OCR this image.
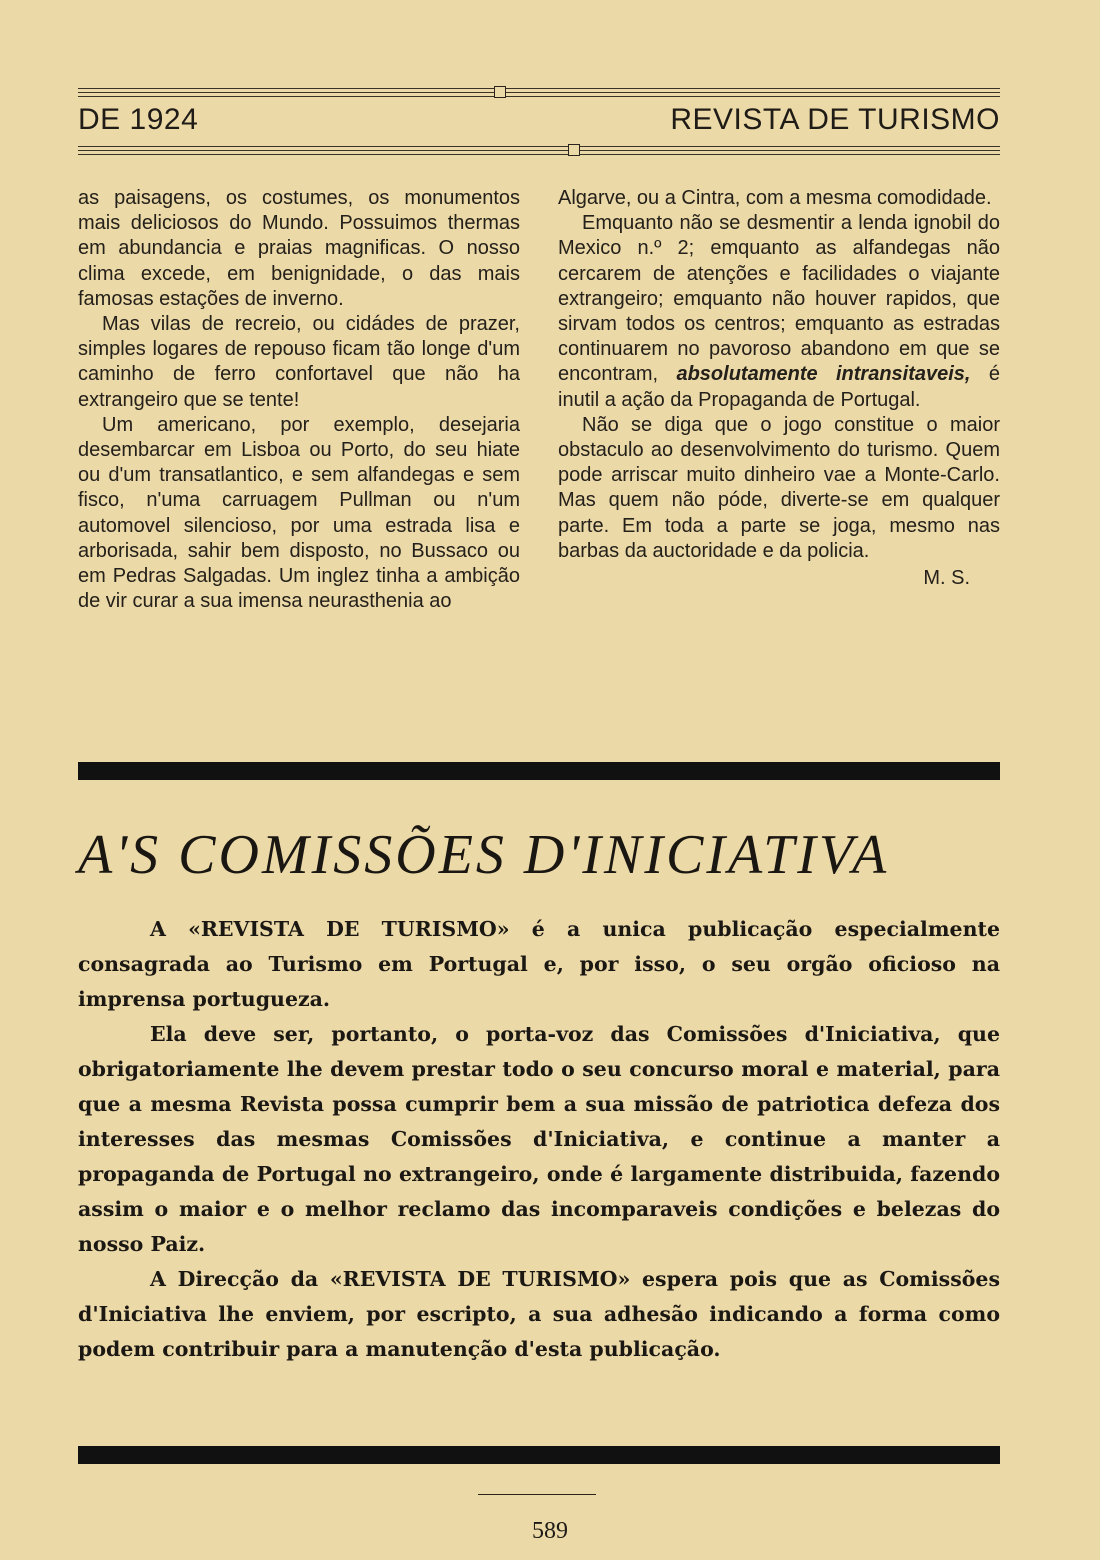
DE 1924	REVISTA DE TURISMO

as paisagens, os costumes, os monumentos mais deliciosos do Mundo. Possuimos thermas em abundancia e praias magnificas. O nosso clima excede, em benignidade, o das mais famosas estações de inverno.

Mas vilas de recreio, ou cidádes de prazer, simples logares de repouso ficam tão longe d'um caminho de ferro confortavel que não ha extrangeiro que se tente!

Um americano, por exemplo, desejaria desembarcar em Lisboa ou Porto, do seu hiate ou d'um transatlantico, e sem alfandegas e sem fisco, n'uma carruagem Pullman ou n'um automovel silencioso, por uma estrada lisa e arborisada, sahir bem disposto, no Bussaco ou em Pedras Salgadas. Um inglez tinha a ambição de vir curar a sua imensa neurasthenia ao

Algarve, ou a Cintra, com a mesma comodidade.

Emquanto não se desmentir a lenda ignobil do Mexico n.º 2; emquanto as alfandegas não cercarem de atenções e facilidades o viajante extrangeiro; emquanto não houver rapidos, que sirvam todos os centros; emquanto as estradas continuarem no pavoroso abandono em que se encontram, absolutamente intransitaveis, é inutil a ação da Propaganda de Portugal.

Não se diga que o jogo constitue o maior obstaculo ao desenvolvimento do turismo. Quem pode arriscar muito dinheiro vae a Monte-Carlo. Mas quem não póde, diverte-se em qualquer parte. Em toda a parte se joga, mesmo nas barbas da auctoridade e da policia.

M. S.
A'S COMISSÕES D'INICIATIVA

A «REVISTA DE TURISMO» é a unica publicação especialmente consagrada ao Turismo em Portugal e, por isso, o seu orgão oficioso na imprensa portugueza.

Ela deve ser, portanto, o porta-voz das Comissões d'Iniciativa, que obrigatoriamente lhe devem prestar todo o seu concurso moral e material, para que a mesma Revista possa cumprir bem a sua missão de patriotica defeza dos interesses das mesmas Comissões d'Iniciativa, e continue a manter a propaganda de Portugal no extrangeiro, onde é largamente distribuida, fazendo assim o maior e o melhor reclamo das incomparaveis condições e belezas do nosso Paiz.

A Direcção da «REVISTA DE TURISMO» espera pois que as Comissões d'Iniciativa lhe enviem, por escripto, a sua adhesão indicando a forma como podem contribuir para a manutenção d'esta publicação.

589
